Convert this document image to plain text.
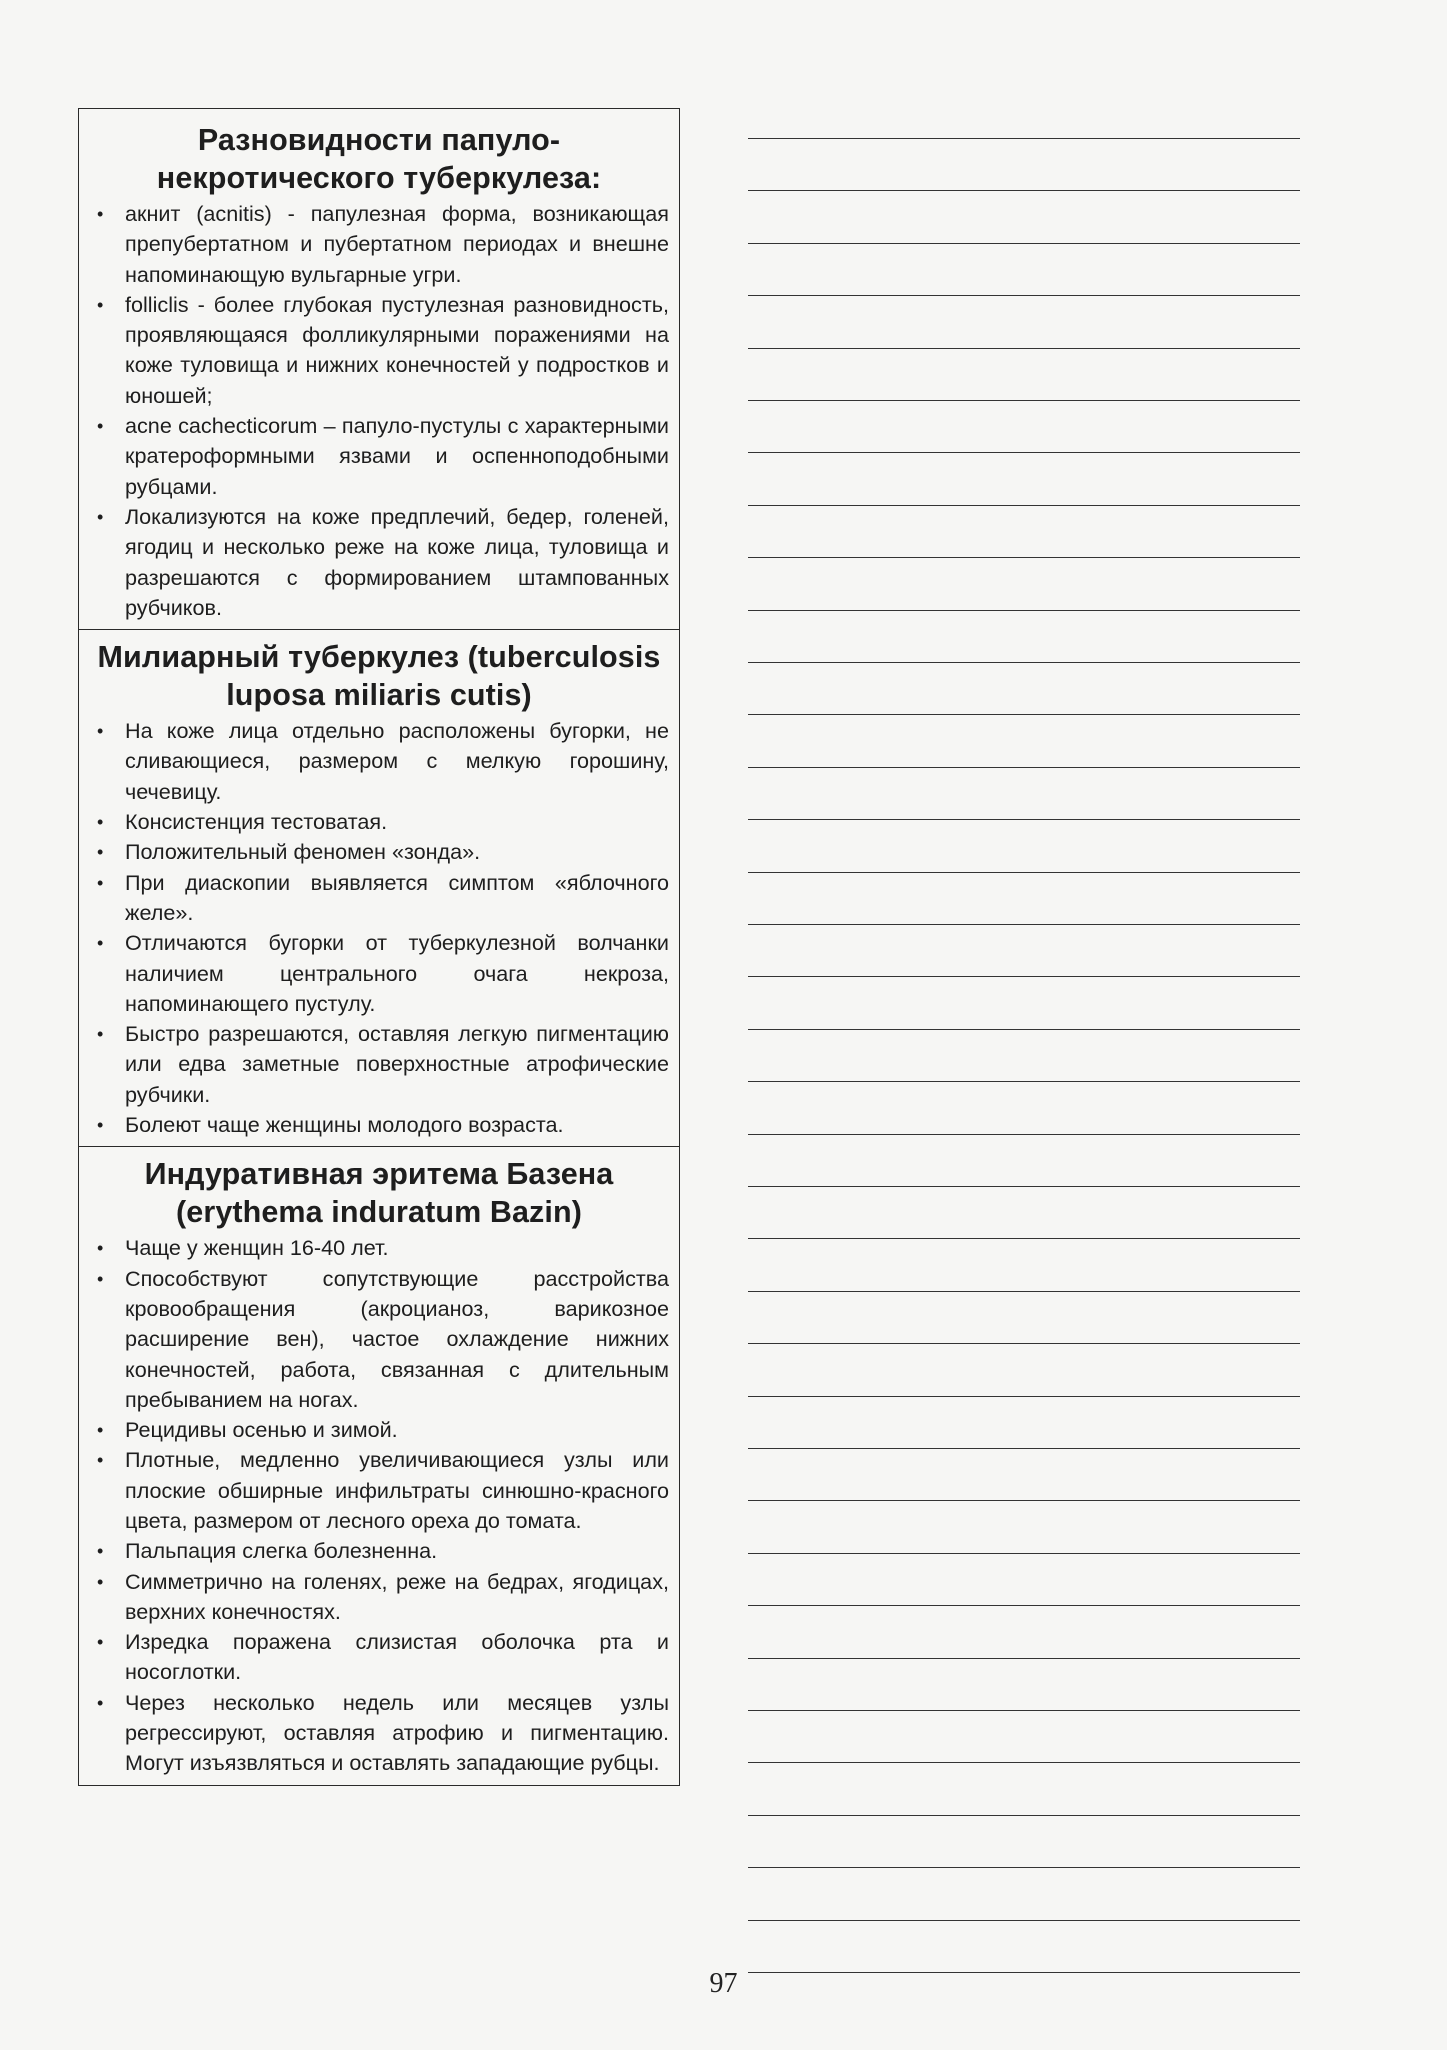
Разновидности папуло-некротического туберкулеза:
• акнит (acnitis) - папулезная форма, возникающая препубертатном и пубертатном периодах и внешне напоминающую вульгарные угри.
• folliclis - более глубокая пустулезная разновидность, проявляющаяся фолликулярными поражениями на коже туловища и нижних конечностей у подростков и юношей;
• acne cachecticorum – папуло-пустулы с характерными кратероформными язвами и оспенноподобными рубцами.
• Локализуются на коже предплечий, бедер, голеней, ягодиц и несколько реже на коже лица, туловища и разрешаются с формированием штампованных рубчиков.
Милиарный туберкулез (tuberculosis luposa miliaris cutis)
• На коже лица отдельно расположены бугорки, не сливающиеся, размером с мелкую горошину, чечевицу.
• Консистенция тестоватая.
• Положительный феномен «зонда».
• При диаскопии выявляется симптом «яблочного желе».
• Отличаются бугорки от туберкулезной волчанки наличием центрального очага некроза, напоминающего пустулу.
• Быстро разрешаются, оставляя легкую пигментацию или едва заметные поверхностные атрофические рубчики.
• Болеют чаще женщины молодого возраста.
Индуративная эритема Базена (erythema induratum Bazin)
• Чаще у женщин 16-40 лет.
• Способствуют сопутствующие расстройства кровообращения (акроцианоз, варикозное расширение вен), частое охлаждение нижних конечностей, работа, связанная с длительным пребыванием на ногах.
• Рецидивы осенью и зимой.
• Плотные, медленно увеличивающиеся узлы или плоские обширные инфильтраты синюшно-красного цвета, размером от лесного ореха до томата.
• Пальпация слегка болезненна.
• Симметрично на голенях, реже на бедрах, ягодицах, верхних конечностях.
• Изредка поражена слизистая оболочка рта и носоглотки.
• Через несколько недель или месяцев узлы регрессируют, оставляя атрофию и пигментацию. Могут изъязвляться и оставлять западающие рубцы.
97
